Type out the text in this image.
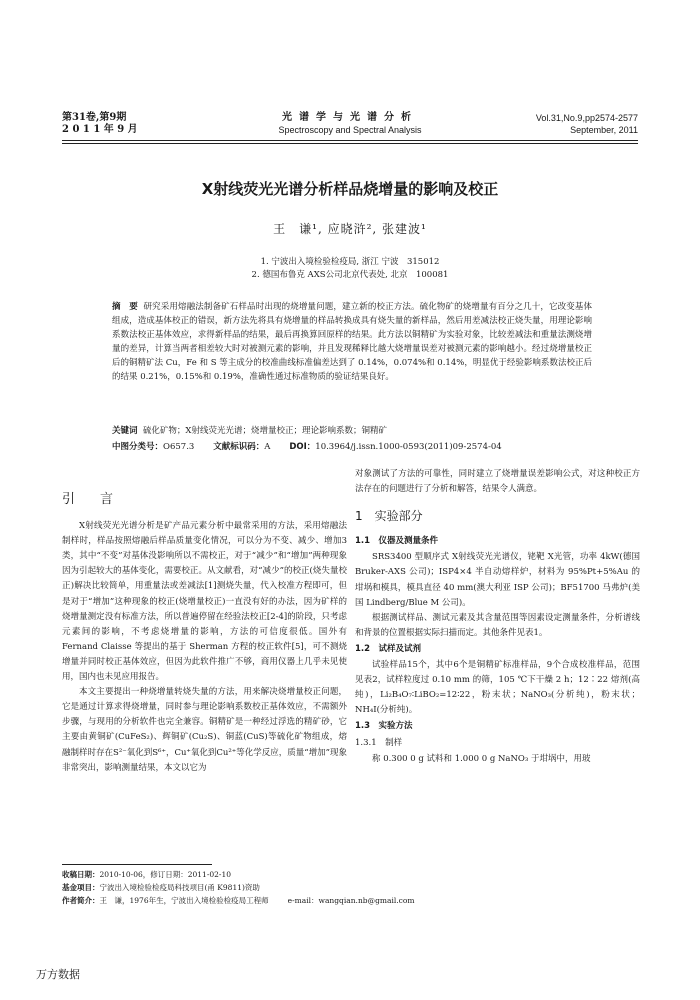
第31卷,第9期
2 0 1 1 年 9 月
光谱学与光谱分析
Spectroscopy and Spectral Analysis
Vol.31,No.9,pp2574-2577
September, 2011
X射线荧光光谱分析样品烧增量的影响及校正
王　谦¹, 应晓浒², 张建波¹
1. 宁波出入境检验检疫局, 浙江 宁波　315012
2. 德国布鲁克 AXS公司北京代表处, 北京　100081
摘　要 研究采用熔融法制备矿石样品时出现的烧增量问题，建立新的校正方法。硫化物矿的烧增量有百分之几十，它改变基体组成，造成基体校正的错误，新方法先将具有烧增量的样品转换成具有烧失量的新样品，然后用差减法校正烧失量，用理论影响系数法校正基体效应，求得新样品的结果，最后再换算回原样的结果。此方法以铜精矿为实验对象，比较差减法和重量法测烧增量的差异，计算当两者相差较大时对被测元素的影响，并且发现稀释比越大烧增量误差对被测元素的影响越小。经过烧增量校正后的铜精矿法 Cu，Fe 和 S 等主成分的校准曲线标准偏差达到了 0.14%，0.074%和 0.14%，明显优于经验影响系数法校正后的结果 0.21%，0.15%和 0.19%，准确性通过标准物质的验证结果良好。
关键词 硫化矿物；X射线荧光光谱；烧增量校正；理论影响系数；铜精矿
中图分类号：O657.3 文献标识码：A DOI：10.3964/j.issn.1000-0593(2011)09-2574-04
引　言

X射线荧光光谱分析是矿产品元素分析中最常采用的方法，采用熔融法制样时，样品按照熔融后样品质量变化情况，可以分为不变、减少、增加3类，其中“不变”对基体没影响所以不需校正，对于“减少”和“增加”两种现象因为引起较大的基体变化，需要校正。从文献看，对“减少”的校正(烧失量校正)解决比较简单，用重量法或差减法[1]测烧失量，代入校准方程即可，但是对于“增加”这种现象的校正(烧增量校正)一直没有好的办法，因为矿样的烧增量测定没有标准方法，所以普遍停留在经验法校正[2-4]的阶段，只考虑元素间的影响，不考虑烧增量的影响，方法的可信度很低。国外有 Fernand Claisse 等提出的基于 Sherman 方程的校正软件[5]，可不测烧增量并同时校正基体效应，但因为此软件推广不够，商用仪器上几乎未见使用，国内也未见应用报告。

本文主要提出一种烧增量转烧失量的方法，用来解决烧增量校正问题，它是通过计算求得烧增量，同时参与理论影响系数校正基体效应，不需额外步骤，与现用的分析软件也完全兼容。铜精矿是一种经过浮选的精矿砂，它主要由黄铜矿(CuFeS₂)、辉铜矿(Cu₂S)、铜蓝(CuS)等硫化矿物组成，熔融制样时存在S²⁻氧化到S⁶⁺，Cu⁺氧化到Cu²⁺等化学反应，质量“增加”现象非常突出，影响测量结果，本文以它为

对象测试了方法的可靠性，同时建立了烧增量误差影响公式，对这种校正方法存在的问题进行了分析和解答，结果令人满意。

1　实验部分
1.1　仪器及测量条件

SRS3400 型顺序式 X射线荧光光谱仪，铑靶 X光管，功率 4kW(德国 Bruker-AXS 公司)；ISP4×4 半自动熔样炉，材料为 95%Pt+5%Au 的坩埚和模具，模具直径 40 mm(澳大利亚 ISP 公司)；BF51700 马弗炉(美国 Lindberg/Blue M 公司)。

根据测试样品、测试元素及其含量范围等因素设定测量条件，分析谱线和背景的位置根据实际扫描而定。其他条件见表1。

1.2　试样及试剂

试验样品15个，其中6个是铜精矿标准样品，9个合成校准样品，范围见表2，试样粒度过 0.10 mm 的筛，105 ℃下干燥 2 h；12∶22 熔剂(高纯)，Li₂B₄O₇∶LiBO₂=12∶22，粉末状；NaNO₃(分析纯)，粉末状；NH₄I(分析纯)。

1.3　实验方法
1.3.1　制样

称 0.300 0 g 试料和 1.000 0 g NaNO₃ 于坩埚中，用玻

收稿日期：2010-10-06，修订日期：2011-02-10
基金项目：宁波出入境检验检疫局科技项目(甬 K9811)资助
作者简介：王　谦，1976年生，宁波出入境检验检疫局工程师	e-mail：wangqian.nb@gmail.com
万方数据
